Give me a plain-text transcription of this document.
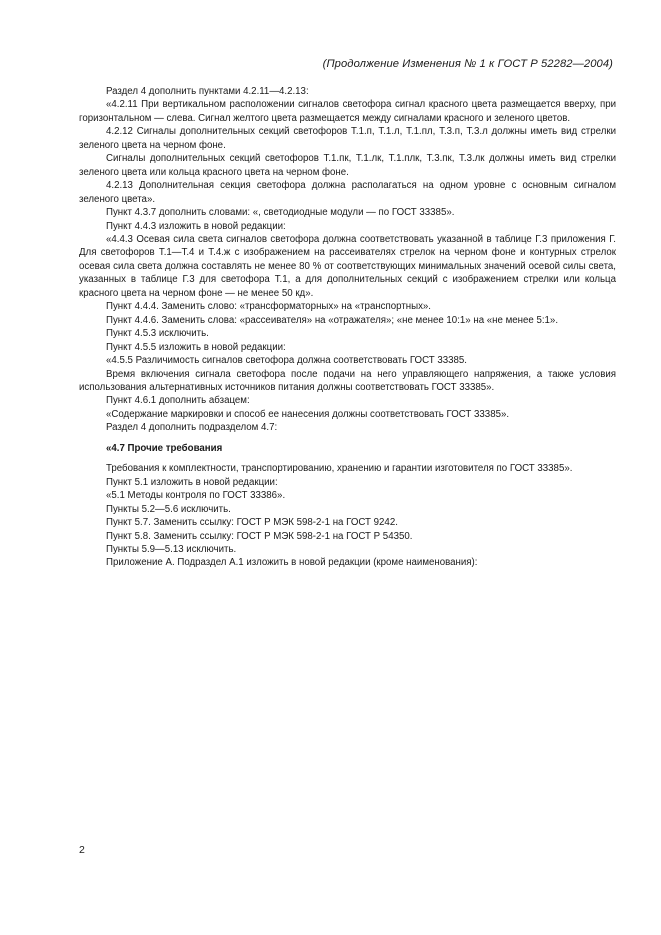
(Продолжение Изменения № 1 к ГОСТ Р 52282—2004)

Раздел 4 дополнить пунктами 4.2.11—4.2.13:

«4.2.11 При вертикальном расположении сигналов светофора сигнал красного цвета размещается вверху, при горизонтальном — слева. Сигнал желтого цвета размещается между сигналами красного и зеленого цветов.

4.2.12 Сигналы дополнительных секций светофоров Т.1.п, Т.1.л, Т.1.пл, Т.3.п, Т.3.л должны иметь вид стрелки зеленого цвета на черном фоне.

Сигналы дополнительных секций светофоров Т.1.пк, Т.1.лк, Т.1.плк, Т.3.пк, Т.3.лк должны иметь вид стрелки зеленого цвета или кольца красного цвета на черном фоне.

4.2.13 Дополнительная секция светофора должна располагаться на одном уровне с основным сигналом зеленого цвета».

Пункт 4.3.7 дополнить словами: «, светодиодные модули — по ГОСТ 33385».

Пункт 4.4.3 изложить в новой редакции:

«4.4.3 Осевая сила света сигналов светофора должна соответствовать указанной в таблице Г.3 приложения Г. Для светофоров Т.1—Т.4 и Т.4.ж с изображением на рассеивателях стрелок на черном фоне и контурных стрелок осевая сила света должна составлять не менее 80 % от соответствующих минимальных значений осевой силы света, указанных в таблице Г.3 для светофора Т.1, а для дополнительных секций с изображением стрелки или кольца красного цвета на черном фоне — не менее 50 кд».

Пункт 4.4.4. Заменить слово: «трансформаторных» на «транспортных».

Пункт 4.4.6. Заменить слова: «рассеивателя» на «отражателя»; «не менее 10:1» на «не менее 5:1».

Пункт 4.5.3 исключить.

Пункт 4.5.5 изложить в новой редакции:

«4.5.5 Различимость сигналов светофора должна соответствовать ГОСТ 33385.

Время включения сигнала светофора после подачи на него управляющего напряжения, а также условия использования альтернативных источников питания должны соответствовать ГОСТ 33385».

Пункт 4.6.1 дополнить абзацем:

«Содержание маркировки и способ ее нанесения должны соответствовать ГОСТ 33385».

Раздел 4 дополнить подразделом 4.7:

«4.7 Прочие требования

Требования к комплектности, транспортированию, хранению и гарантии изготовителя по ГОСТ 33385».

Пункт 5.1 изложить в новой редакции:

«5.1 Методы контроля по ГОСТ 33386».

Пункты 5.2—5.6 исключить.

Пункт 5.7. Заменить ссылку: ГОСТ Р МЭК 598-2-1 на ГОСТ 9242.

Пункт 5.8. Заменить ссылку: ГОСТ Р МЭК 598-2-1 на ГОСТ Р 54350.

Пункты 5.9—5.13 исключить.

Приложение А. Подраздел А.1 изложить в новой редакции (кроме наименования):

2
